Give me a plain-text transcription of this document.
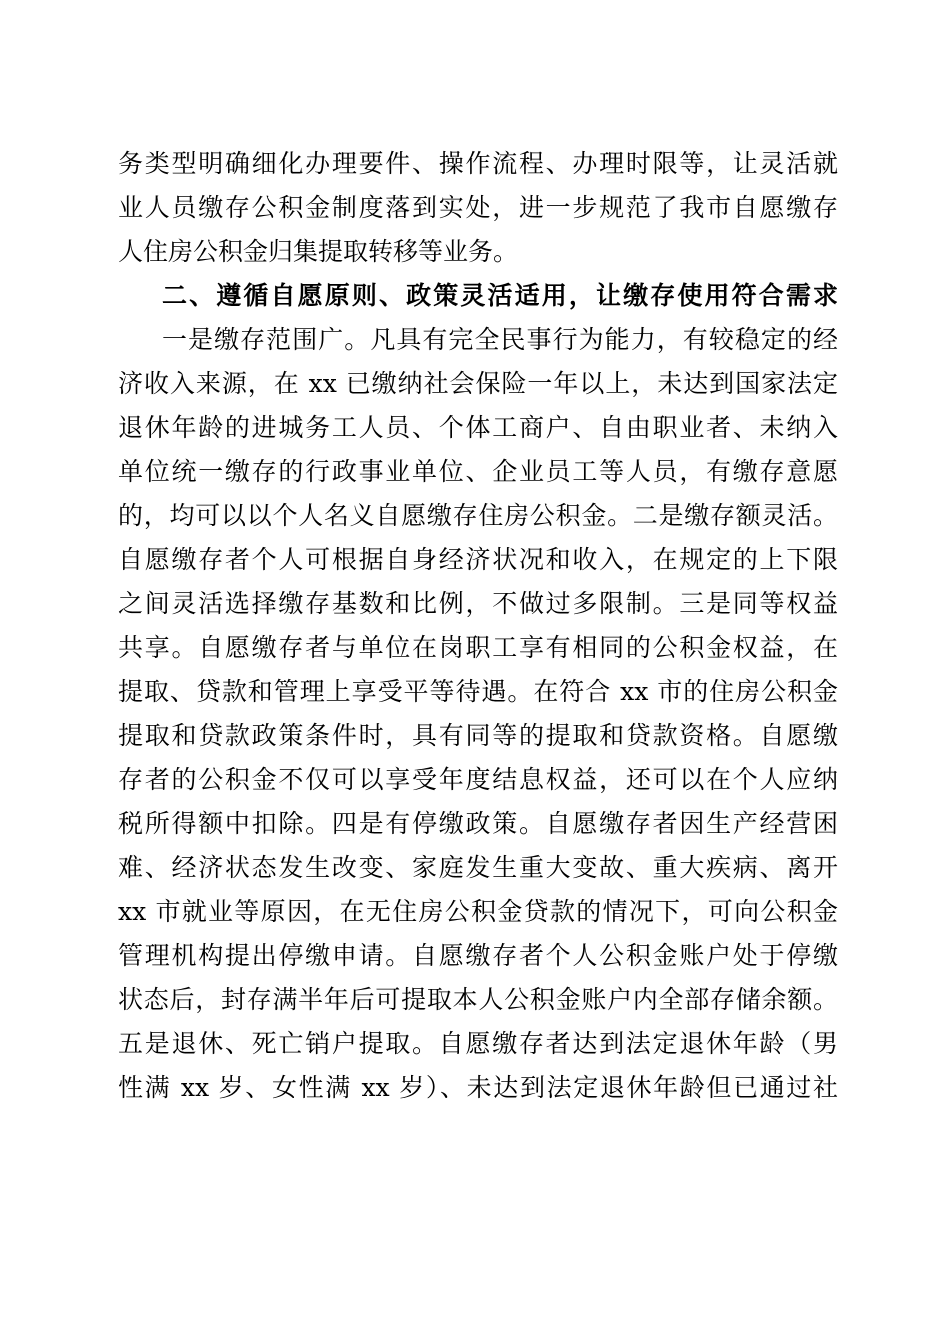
务类型明确细化办理要件、操作流程、办理时限等，让灵活就
业人员缴存公积金制度落到实处，进一步规范了我市自愿缴存
人住房公积金归集提取转移等业务。
二、遵循自愿原则、政策灵活适用，让缴存使用符合需求
一是缴存范围广。凡具有完全民事行为能力，有较稳定的经
济收入来源，在 xx 已缴纳社会保险一年以上，未达到国家法定
退休年龄的进城务工人员、个体工商户、自由职业者、未纳入
单位统一缴存的行政事业单位、企业员工等人员，有缴存意愿
的，均可以以个人名义自愿缴存住房公积金。二是缴存额灵活。
自愿缴存者个人可根据自身经济状况和收入，在规定的上下限
之间灵活选择缴存基数和比例，不做过多限制。三是同等权益
共享。自愿缴存者与单位在岗职工享有相同的公积金权益，在
提取、贷款和管理上享受平等待遇。在符合 xx 市的住房公积金
提取和贷款政策条件时，具有同等的提取和贷款资格。自愿缴
存者的公积金不仅可以享受年度结息权益，还可以在个人应纳
税所得额中扣除。四是有停缴政策。自愿缴存者因生产经营困
难、经济状态发生改变、家庭发生重大变故、重大疾病、离开
xx 市就业等原因，在无住房公积金贷款的情况下，可向公积金
管理机构提出停缴申请。自愿缴存者个人公积金账户处于停缴
状态后，封存满半年后可提取本人公积金账户内全部存储余额。
五是退休、死亡销户提取。自愿缴存者达到法定退休年龄（男
性满 xx 岁、女性满 xx 岁）、未达到法定退休年龄但已通过社
